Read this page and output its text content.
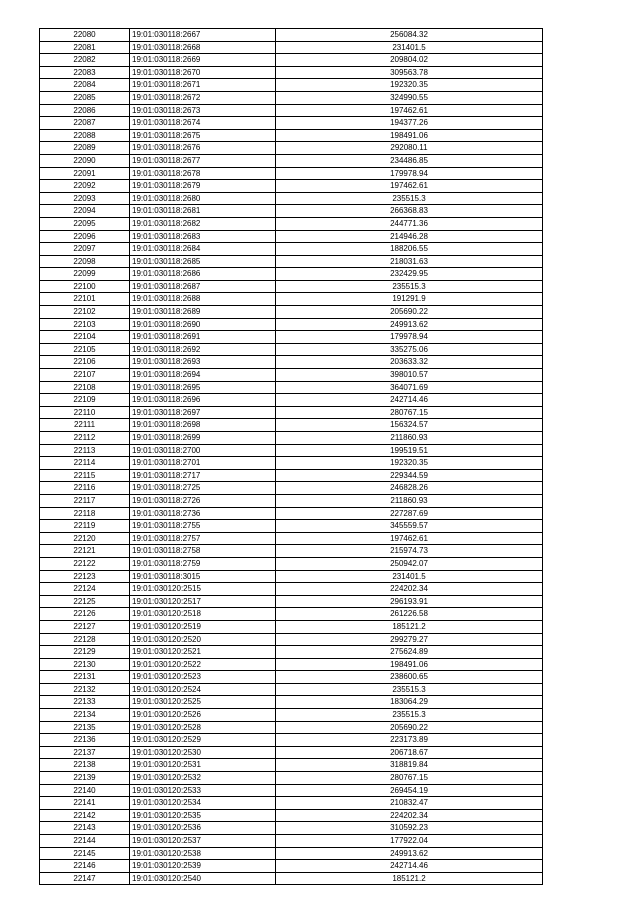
22080	19:01:030118:2667	256084.32
22081	19:01:030118:2668	231401.5
22082	19:01:030118:2669	209804.02
22083	19:01:030118:2670	309563.78
22084	19:01:030118:2671	192320.35
22085	19:01:030118:2672	324990.55
22086	19:01:030118:2673	197462.61
22087	19:01:030118:2674	194377.26
22088	19:01:030118:2675	198491.06
22089	19:01:030118:2676	292080.11
22090	19:01:030118:2677	234486.85
22091	19:01:030118:2678	179978.94
22092	19:01:030118:2679	197462.61
22093	19:01:030118:2680	235515.3
22094	19:01:030118:2681	266368.83
22095	19:01:030118:2682	244771.36
22096	19:01:030118:2683	214946.28
22097	19:01:030118:2684	188206.55
22098	19:01:030118:2685	218031.63
22099	19:01:030118:2686	232429.95
22100	19:01:030118:2687	235515.3
22101	19:01:030118:2688	191291.9
22102	19:01:030118:2689	205690.22
22103	19:01:030118:2690	249913.62
22104	19:01:030118:2691	179978.94
22105	19:01:030118:2692	335275.06
22106	19:01:030118:2693	203633.32
22107	19:01:030118:2694	398010.57
22108	19:01:030118:2695	364071.69
22109	19:01:030118:2696	242714.46
22110	19:01:030118:2697	280767.15
22111	19:01:030118:2698	156324.57
22112	19:01:030118:2699	211860.93
22113	19:01:030118:2700	199519.51
22114	19:01:030118:2701	192320.35
22115	19:01:030118:2717	229344.59
22116	19:01:030118:2725	246828.26
22117	19:01:030118:2726	211860.93
22118	19:01:030118:2736	227287.69
22119	19:01:030118:2755	345559.57
22120	19:01:030118:2757	197462.61
22121	19:01:030118:2758	215974.73
22122	19:01:030118:2759	250942.07
22123	19:01:030118:3015	231401.5
22124	19:01:030120:2515	224202.34
22125	19:01:030120:2517	296193.91
22126	19:01:030120:2518	261226.58
22127	19:01:030120:2519	185121.2
22128	19:01:030120:2520	299279.27
22129	19:01:030120:2521	275624.89
22130	19:01:030120:2522	198491.06
22131	19:01:030120:2523	238600.65
22132	19:01:030120:2524	235515.3
22133	19:01:030120:2525	183064.29
22134	19:01:030120:2526	235515.3
22135	19:01:030120:2528	205690.22
22136	19:01:030120:2529	223173.89
22137	19:01:030120:2530	206718.67
22138	19:01:030120:2531	318819.84
22139	19:01:030120:2532	280767.15
22140	19:01:030120:2533	269454.19
22141	19:01:030120:2534	210832.47
22142	19:01:030120:2535	224202.34
22143	19:01:030120:2536	310592.23
22144	19:01:030120:2537	177922.04
22145	19:01:030120:2538	249913.62
22146	19:01:030120:2539	242714.46
22147	19:01:030120:2540	185121.2
